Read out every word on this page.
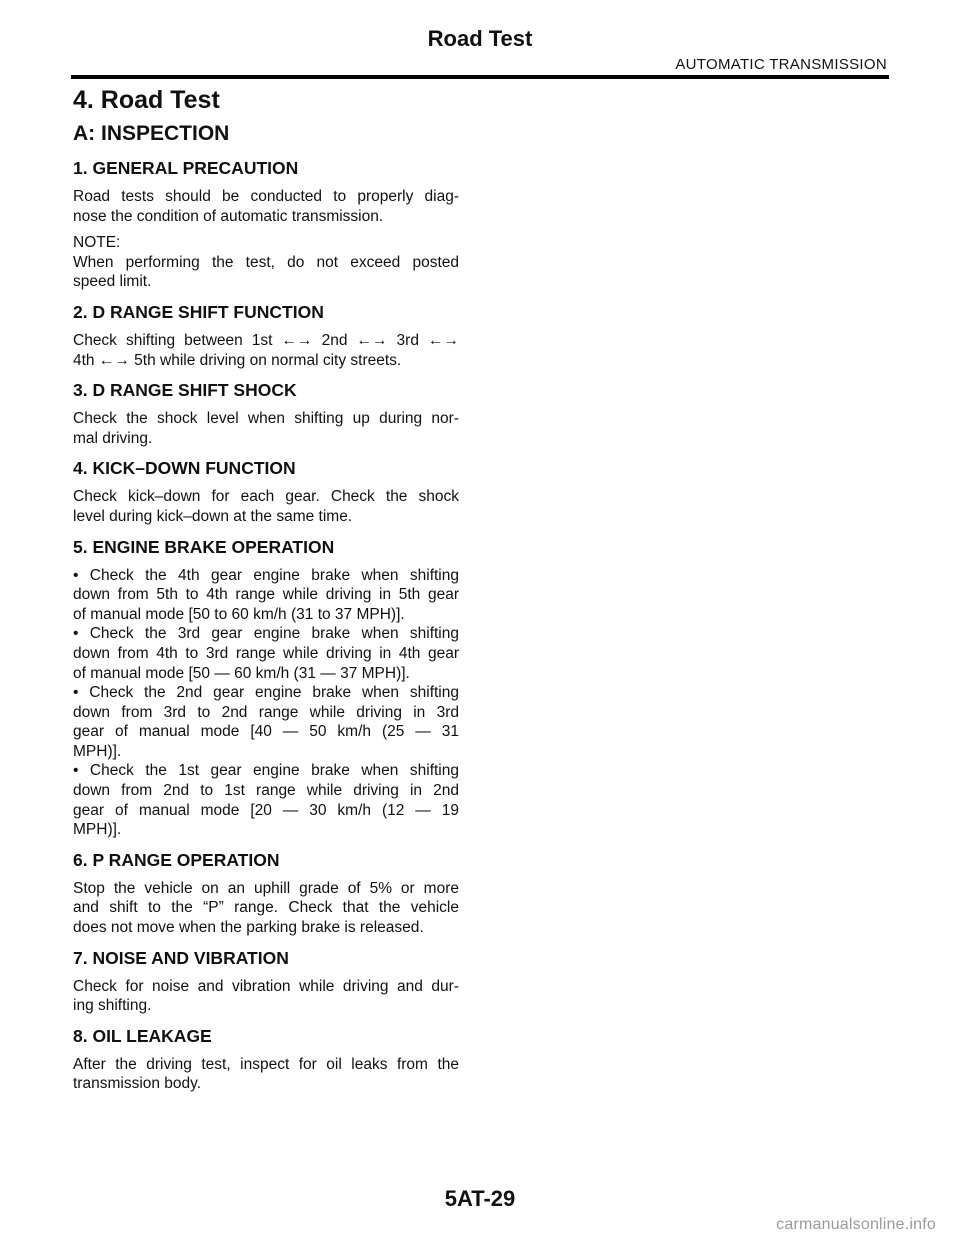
Road Test
AUTOMATIC TRANSMISSION
4. Road Test
A: INSPECTION
1. GENERAL PRECAUTION
Road tests should be conducted to properly diag-
nose the condition of automatic transmission.
NOTE:
When performing the test, do not exceed posted
speed limit.
2. D RANGE SHIFT FUNCTION
Check shifting between 1st ←→ 2nd ←→ 3rd ←→
4th ←→ 5th while driving on normal city streets.
3. D RANGE SHIFT SHOCK
Check the shock level when shifting up during nor-
mal driving.
4. KICK–DOWN FUNCTION
Check kick–down for each gear. Check the shock
level during kick–down at the same time.
5. ENGINE BRAKE OPERATION
• Check the 4th gear engine brake when shifting
down from 5th to 4th range while driving in 5th gear
of manual mode [50 to 60 km/h (31 to 37 MPH)].
• Check the 3rd gear engine brake when shifting
down from 4th to 3rd range while driving in 4th gear
of manual mode [50 — 60 km/h (31 — 37 MPH)].
• Check the 2nd gear engine brake when shifting
down from 3rd to 2nd range while driving in 3rd
gear of manual mode [40 — 50 km/h (25 — 31
MPH)].
• Check the 1st gear engine brake when shifting
down from 2nd to 1st range while driving in 2nd
gear of manual mode [20 — 30 km/h (12 — 19
MPH)].
6. P RANGE OPERATION
Stop the vehicle on an uphill grade of 5% or more
and shift to the “P” range. Check that the vehicle
does not move when the parking brake is released.
7. NOISE AND VIBRATION
Check for noise and vibration while driving and dur-
ing shifting.
8. OIL LEAKAGE
After the driving test, inspect for oil leaks from the
transmission body.
5AT-29
carmanualsonline.info
